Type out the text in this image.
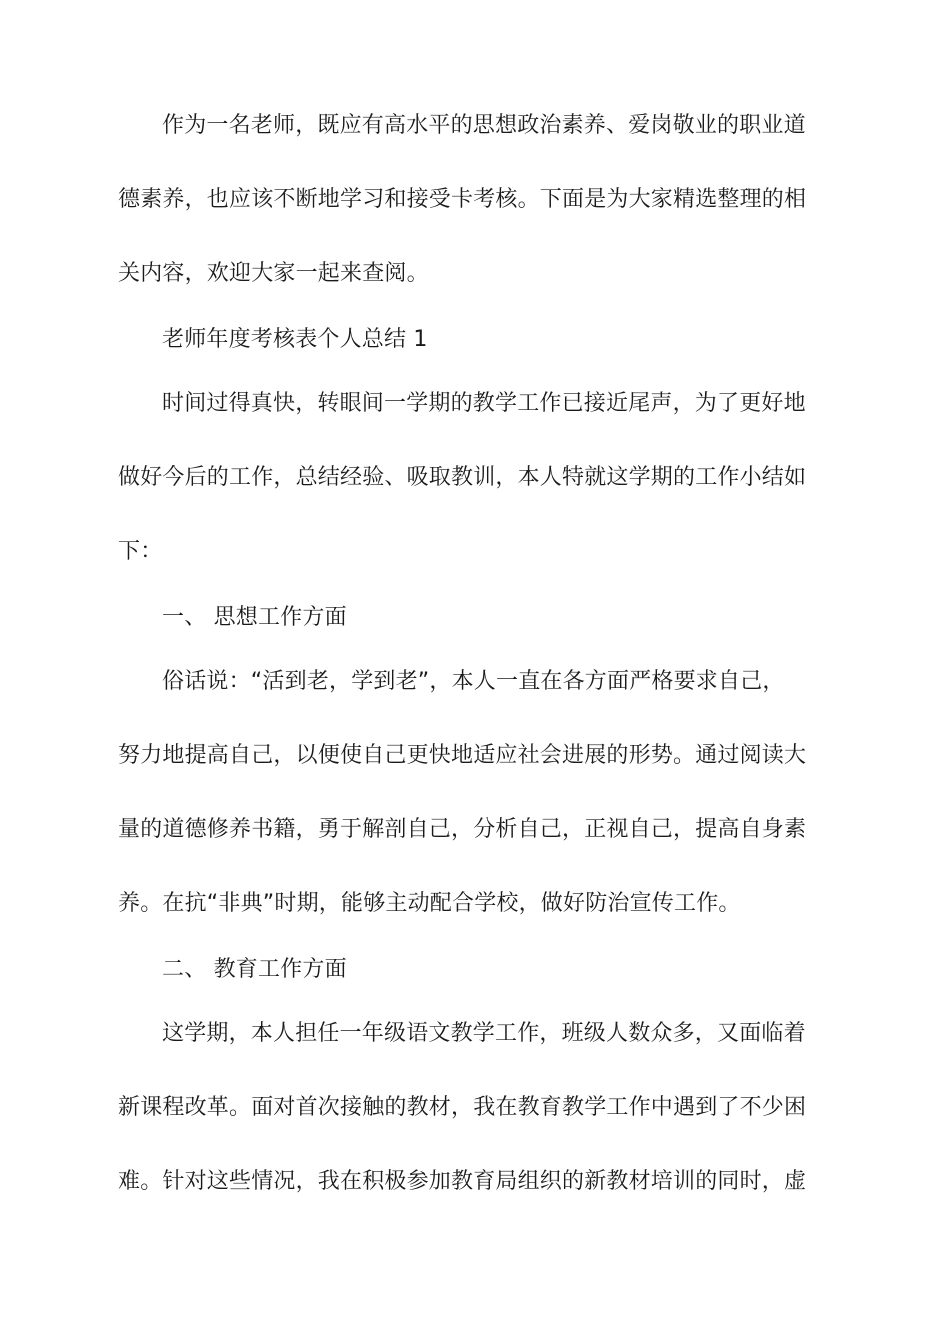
作为一名老师，既应有高水平的思想政治素养、爱岗敬业的职业道
德素养，也应该不断地学习和接受卡考核。下面是为大家精选整理的相
关内容，欢迎大家一起来查阅。
老师年度考核表个人总结 1
时间过得真快，转眼间一学期的教学工作已接近尾声，为了更好地
做好今后的工作，总结经验、吸取教训，本人特就这学期的工作小结如
下：
一、 思想工作方面
俗话说：“活到老，学到老”，本人一直在各方面严格要求自己，
努力地提高自己，以便使自己更快地适应社会进展的形势。通过阅读大
量的道德修养书籍，勇于解剖自己，分析自己，正视自己，提高自身素
养。在抗“非典”时期，能够主动配合学校，做好防治宣传工作。
二、 教育工作方面
这学期，本人担任一年级语文教学工作，班级人数众多，又面临着
新课程改革。面对首次接触的教材，我在教育教学工作中遇到了不少困
难。针对这些情况，我在积极参加教育局组织的新教材培训的同时，虚
